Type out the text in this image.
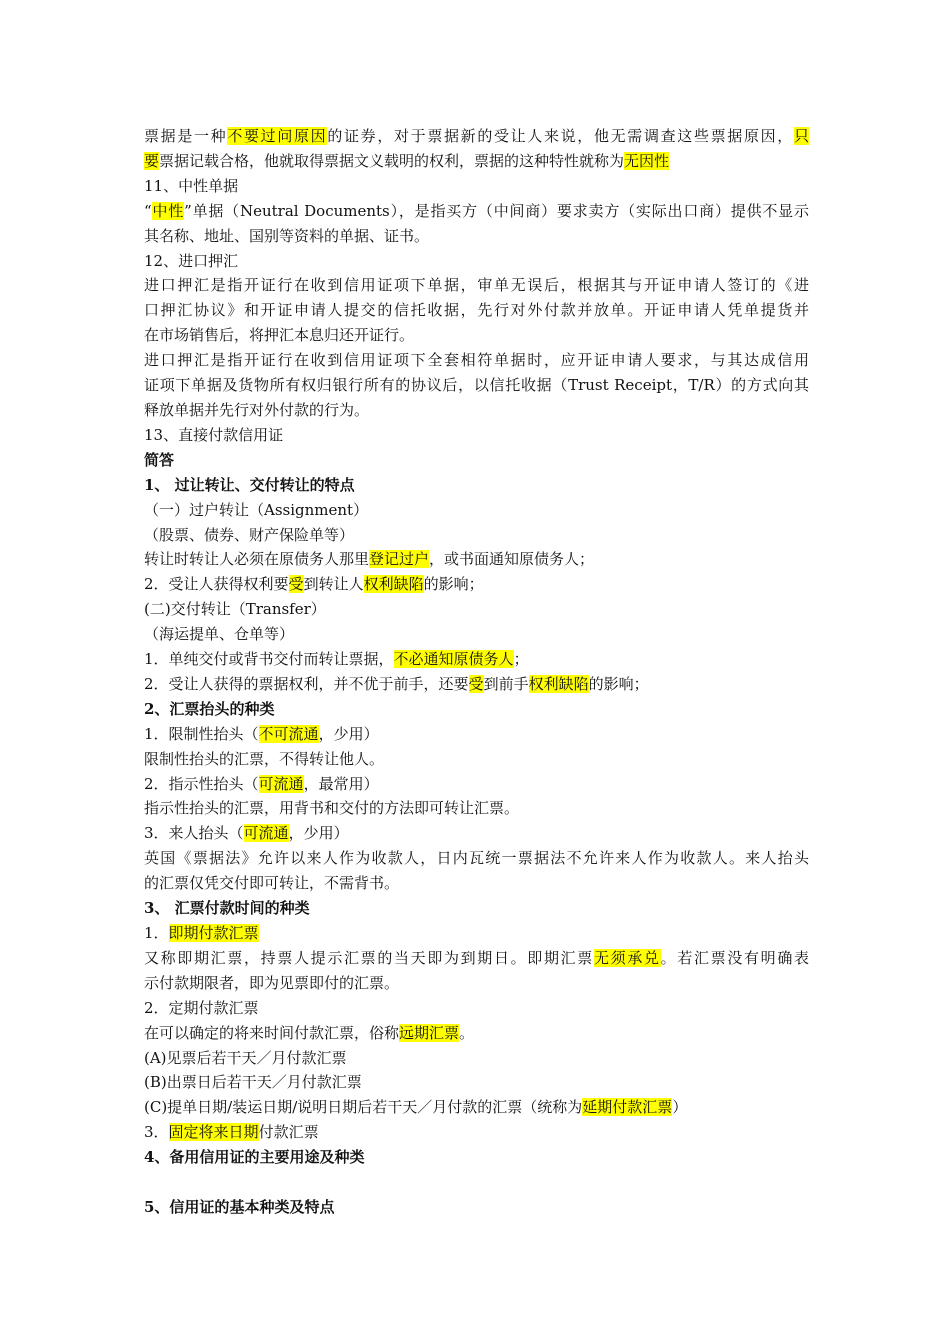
票据是一种不要过问原因的证券，对于票据新的受让人来说，他无需调查这些票据原因，只
要票据记载合格，他就取得票据文义载明的权利，票据的这种特性就称为无因性
11、中性单据
“中性”单据（Neutral Documents），是指买方（中间商）要求卖方（实际出口商）提供不显示
其名称、地址、国别等资料的单据、证书。
12、进口押汇
进口押汇是指开证行在收到信用证项下单据，审单无误后，根据其与开证申请人签订的《进
口押汇协议》和开证申请人提交的信托收据，先行对外付款并放单。开证申请人凭单提货并
在市场销售后，将押汇本息归还开证行。
进口押汇是指开证行在收到信用证项下全套相符单据时，应开证申请人要求，与其达成信用
证项下单据及货物所有权归银行所有的协议后，以信托收据（Trust Receipt，T/R）的方式向其
释放单据并先行对外付款的行为。
13、直接付款信用证
简答
1、 过让转让、交付转让的特点
（一）过户转让（Assignment）
（股票、债券、财产保险单等）
转让时转让人必须在原债务人那里登记过户，或书面通知原债务人；
2．受让人获得权利要受到转让人权利缺陷的影响；
(二)交付转让（Transfer）
（海运提单、仓单等）
1．单纯交付或背书交付而转让票据，不必通知原债务人；
2．受让人获得的票据权利，并不优于前手，还要受到前手权利缺陷的影响；
2、汇票抬头的种类
1．限制性抬头（不可流通，少用）
限制性抬头的汇票，不得转让他人。
2．指示性抬头（可流通，最常用）
指示性抬头的汇票，用背书和交付的方法即可转让汇票。
3．来人抬头（可流通，少用）
英国《票据法》允许以来人作为收款人，日内瓦统一票据法不允许来人作为收款人。来人抬头
的汇票仅凭交付即可转让，不需背书。
3、 汇票付款时间的种类
1．即期付款汇票
又称即期汇票，持票人提示汇票的当天即为到期日。即期汇票无须承兑。若汇票没有明确表
示付款期限者，即为见票即付的汇票。
2．定期付款汇票
在可以确定的将来时间付款汇票，俗称远期汇票。
(A)见票后若干天／月付款汇票
(B)出票日后若干天／月付款汇票
(C)提单日期/装运日期/说明日期后若干天／月付款的汇票（统称为延期付款汇票）
3．固定将来日期付款汇票
4、备用信用证的主要用途及种类
5、信用证的基本种类及特点
